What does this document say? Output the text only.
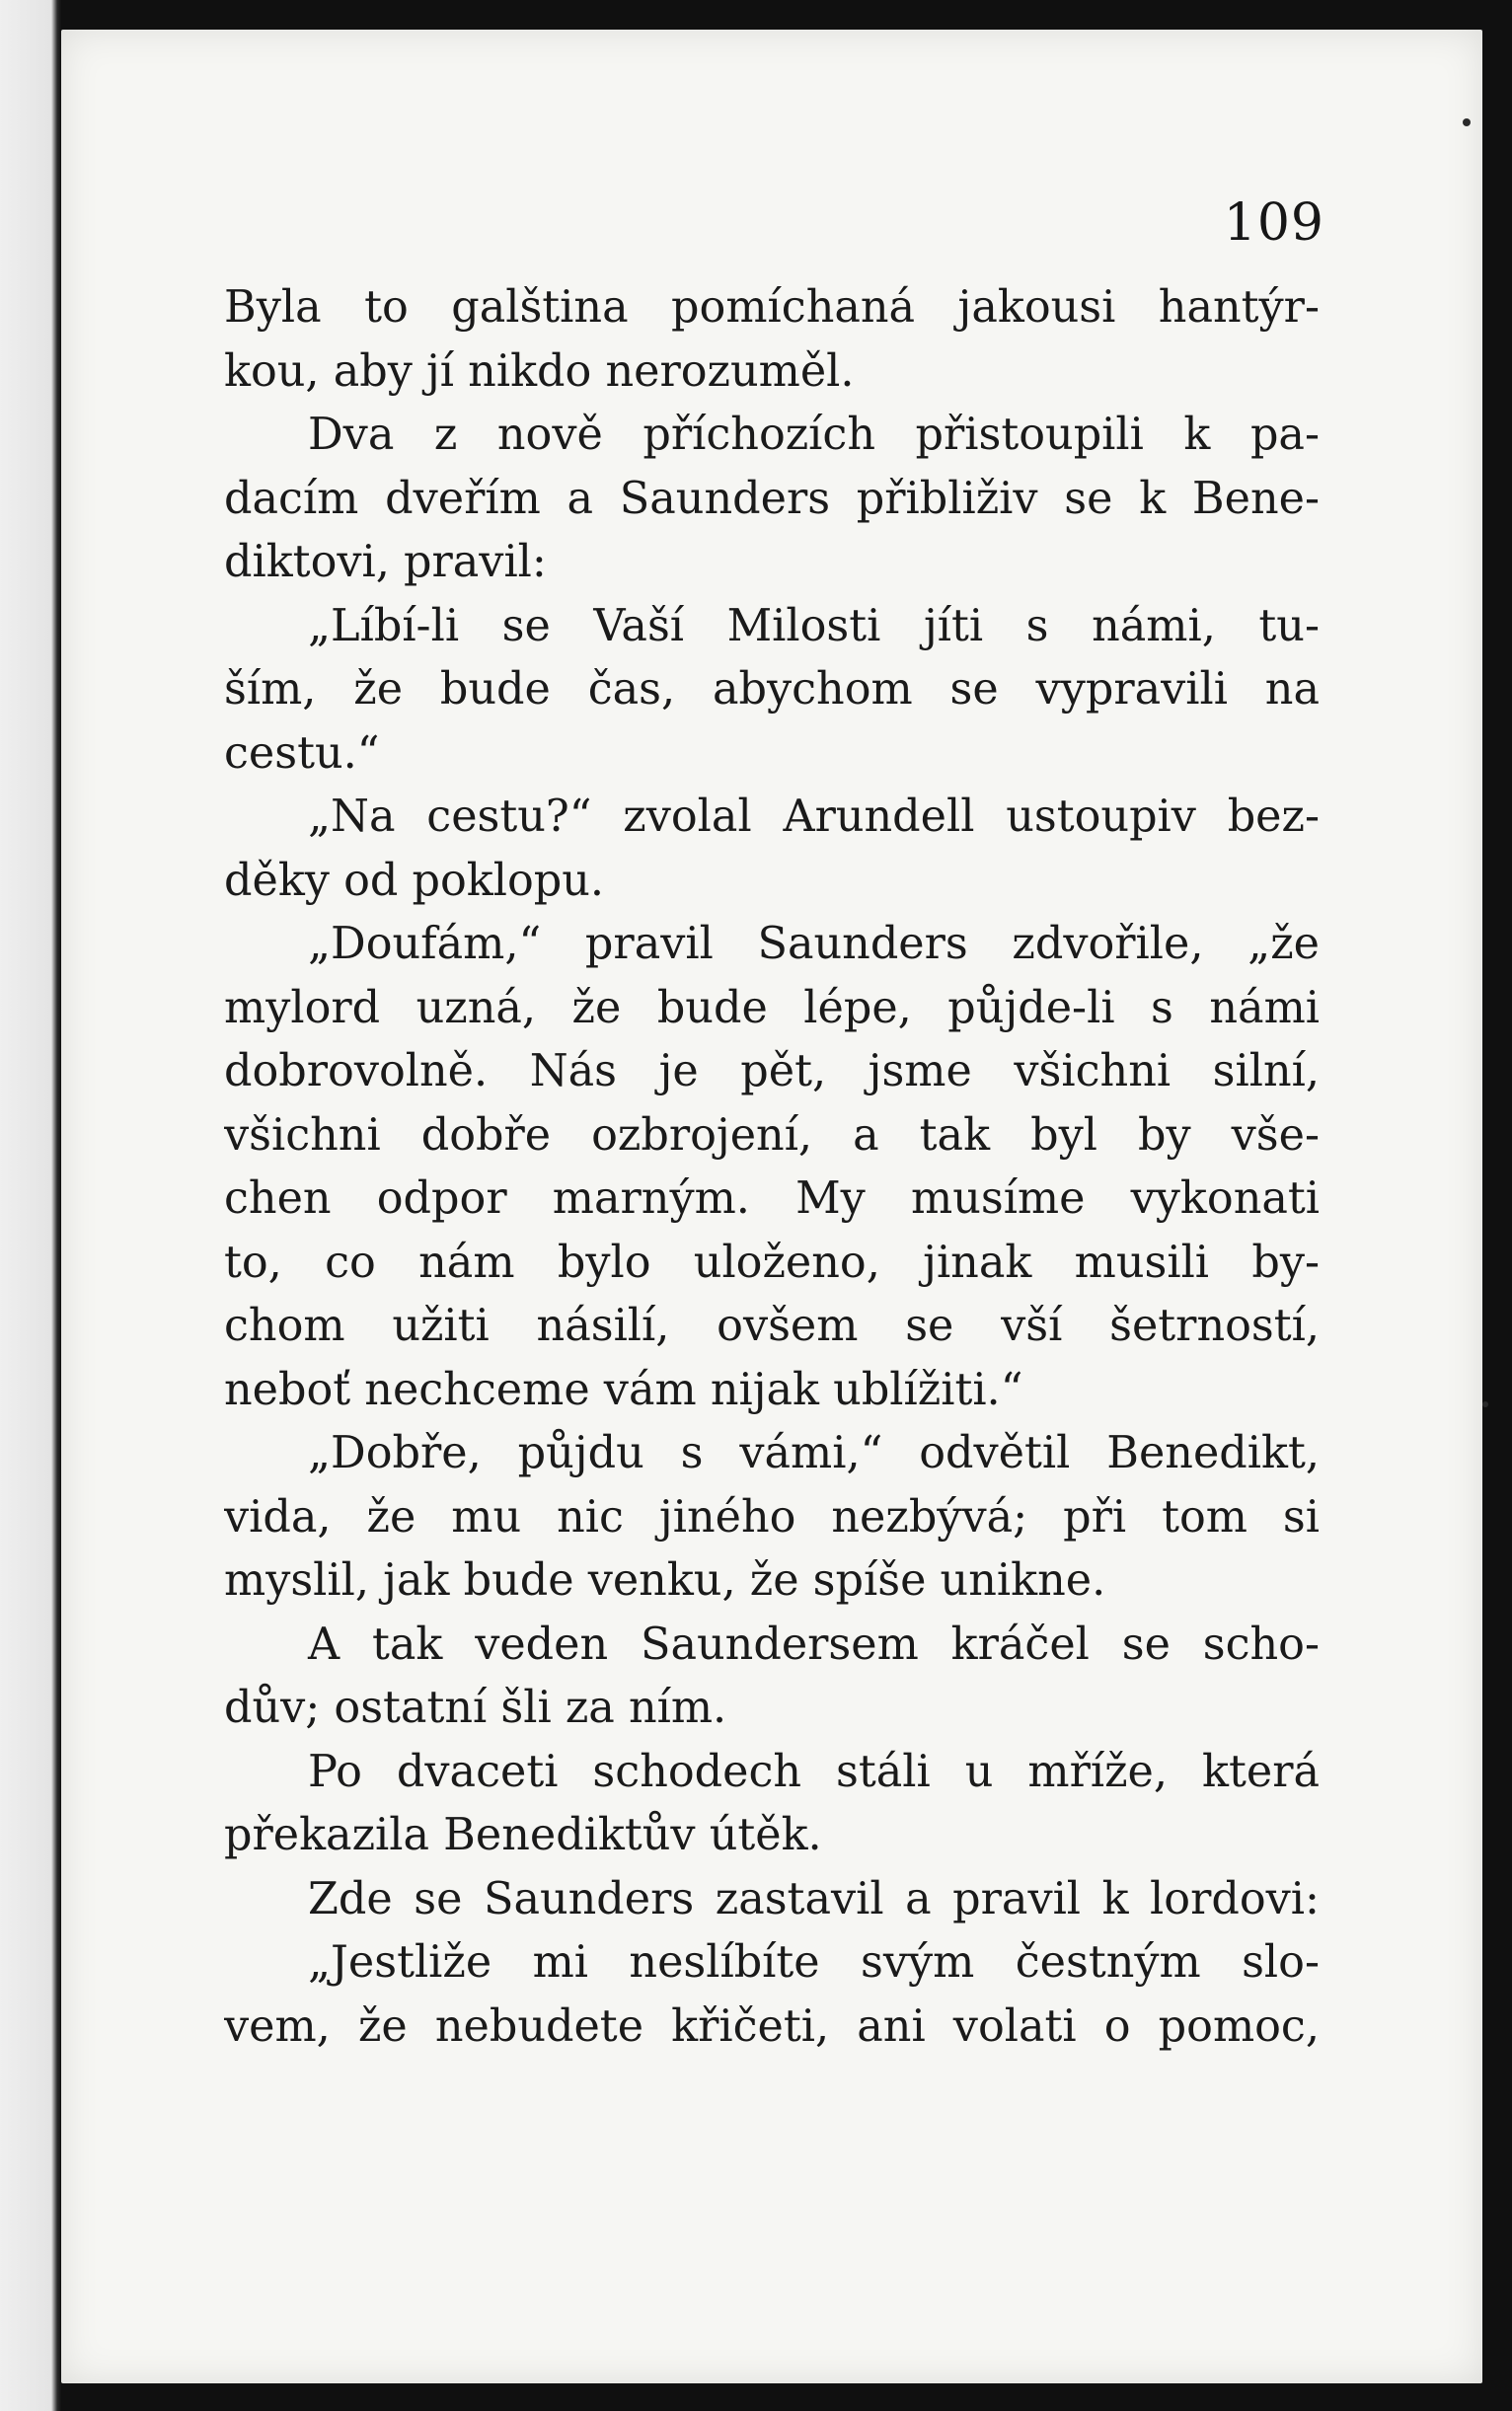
109
Byla to galština pomíchaná jakousi hantýr-
kou, aby jí nikdo nerozuměl.
Dva z nově příchozích přistoupili k pa-
dacím dveřím a Saunders přibliživ se k Bene-
diktovi, pravil:
„Líbí-li se Vaší Milosti jíti s námi, tu-
ším, že bude čas, abychom se vypravili na
cestu.“
„Na cestu?“ zvolal Arundell ustoupiv bez-
děky od poklopu.
„Doufám,“ pravil Saunders zdvořile, „že
mylord uzná, že bude lépe, půjde-li s námi
dobrovolně. Nás je pět, jsme všichni silní,
všichni dobře ozbrojení, a tak byl by vše-
chen odpor marným. My musíme vykonati
to, co nám bylo uloženo, jinak musili by-
chom užiti násilí, ovšem se vší šetrností,
neboť nechceme vám nijak ublížiti.“
„Dobře, půjdu s vámi,“ odvětil Benedikt,
vida, že mu nic jiného nezbývá; při tom si
myslil, jak bude venku, že spíše unikne.
A tak veden Saundersem kráčel se scho-
dův; ostatní šli za ním.
Po dvaceti schodech stáli u mříže, která
překazila Benediktův útěk.
Zde se Saunders zastavil a pravil k lordovi:
„Jestliže mi neslíbíte svým čestným slo-
vem, že nebudete křičeti, ani volati o pomoc,
